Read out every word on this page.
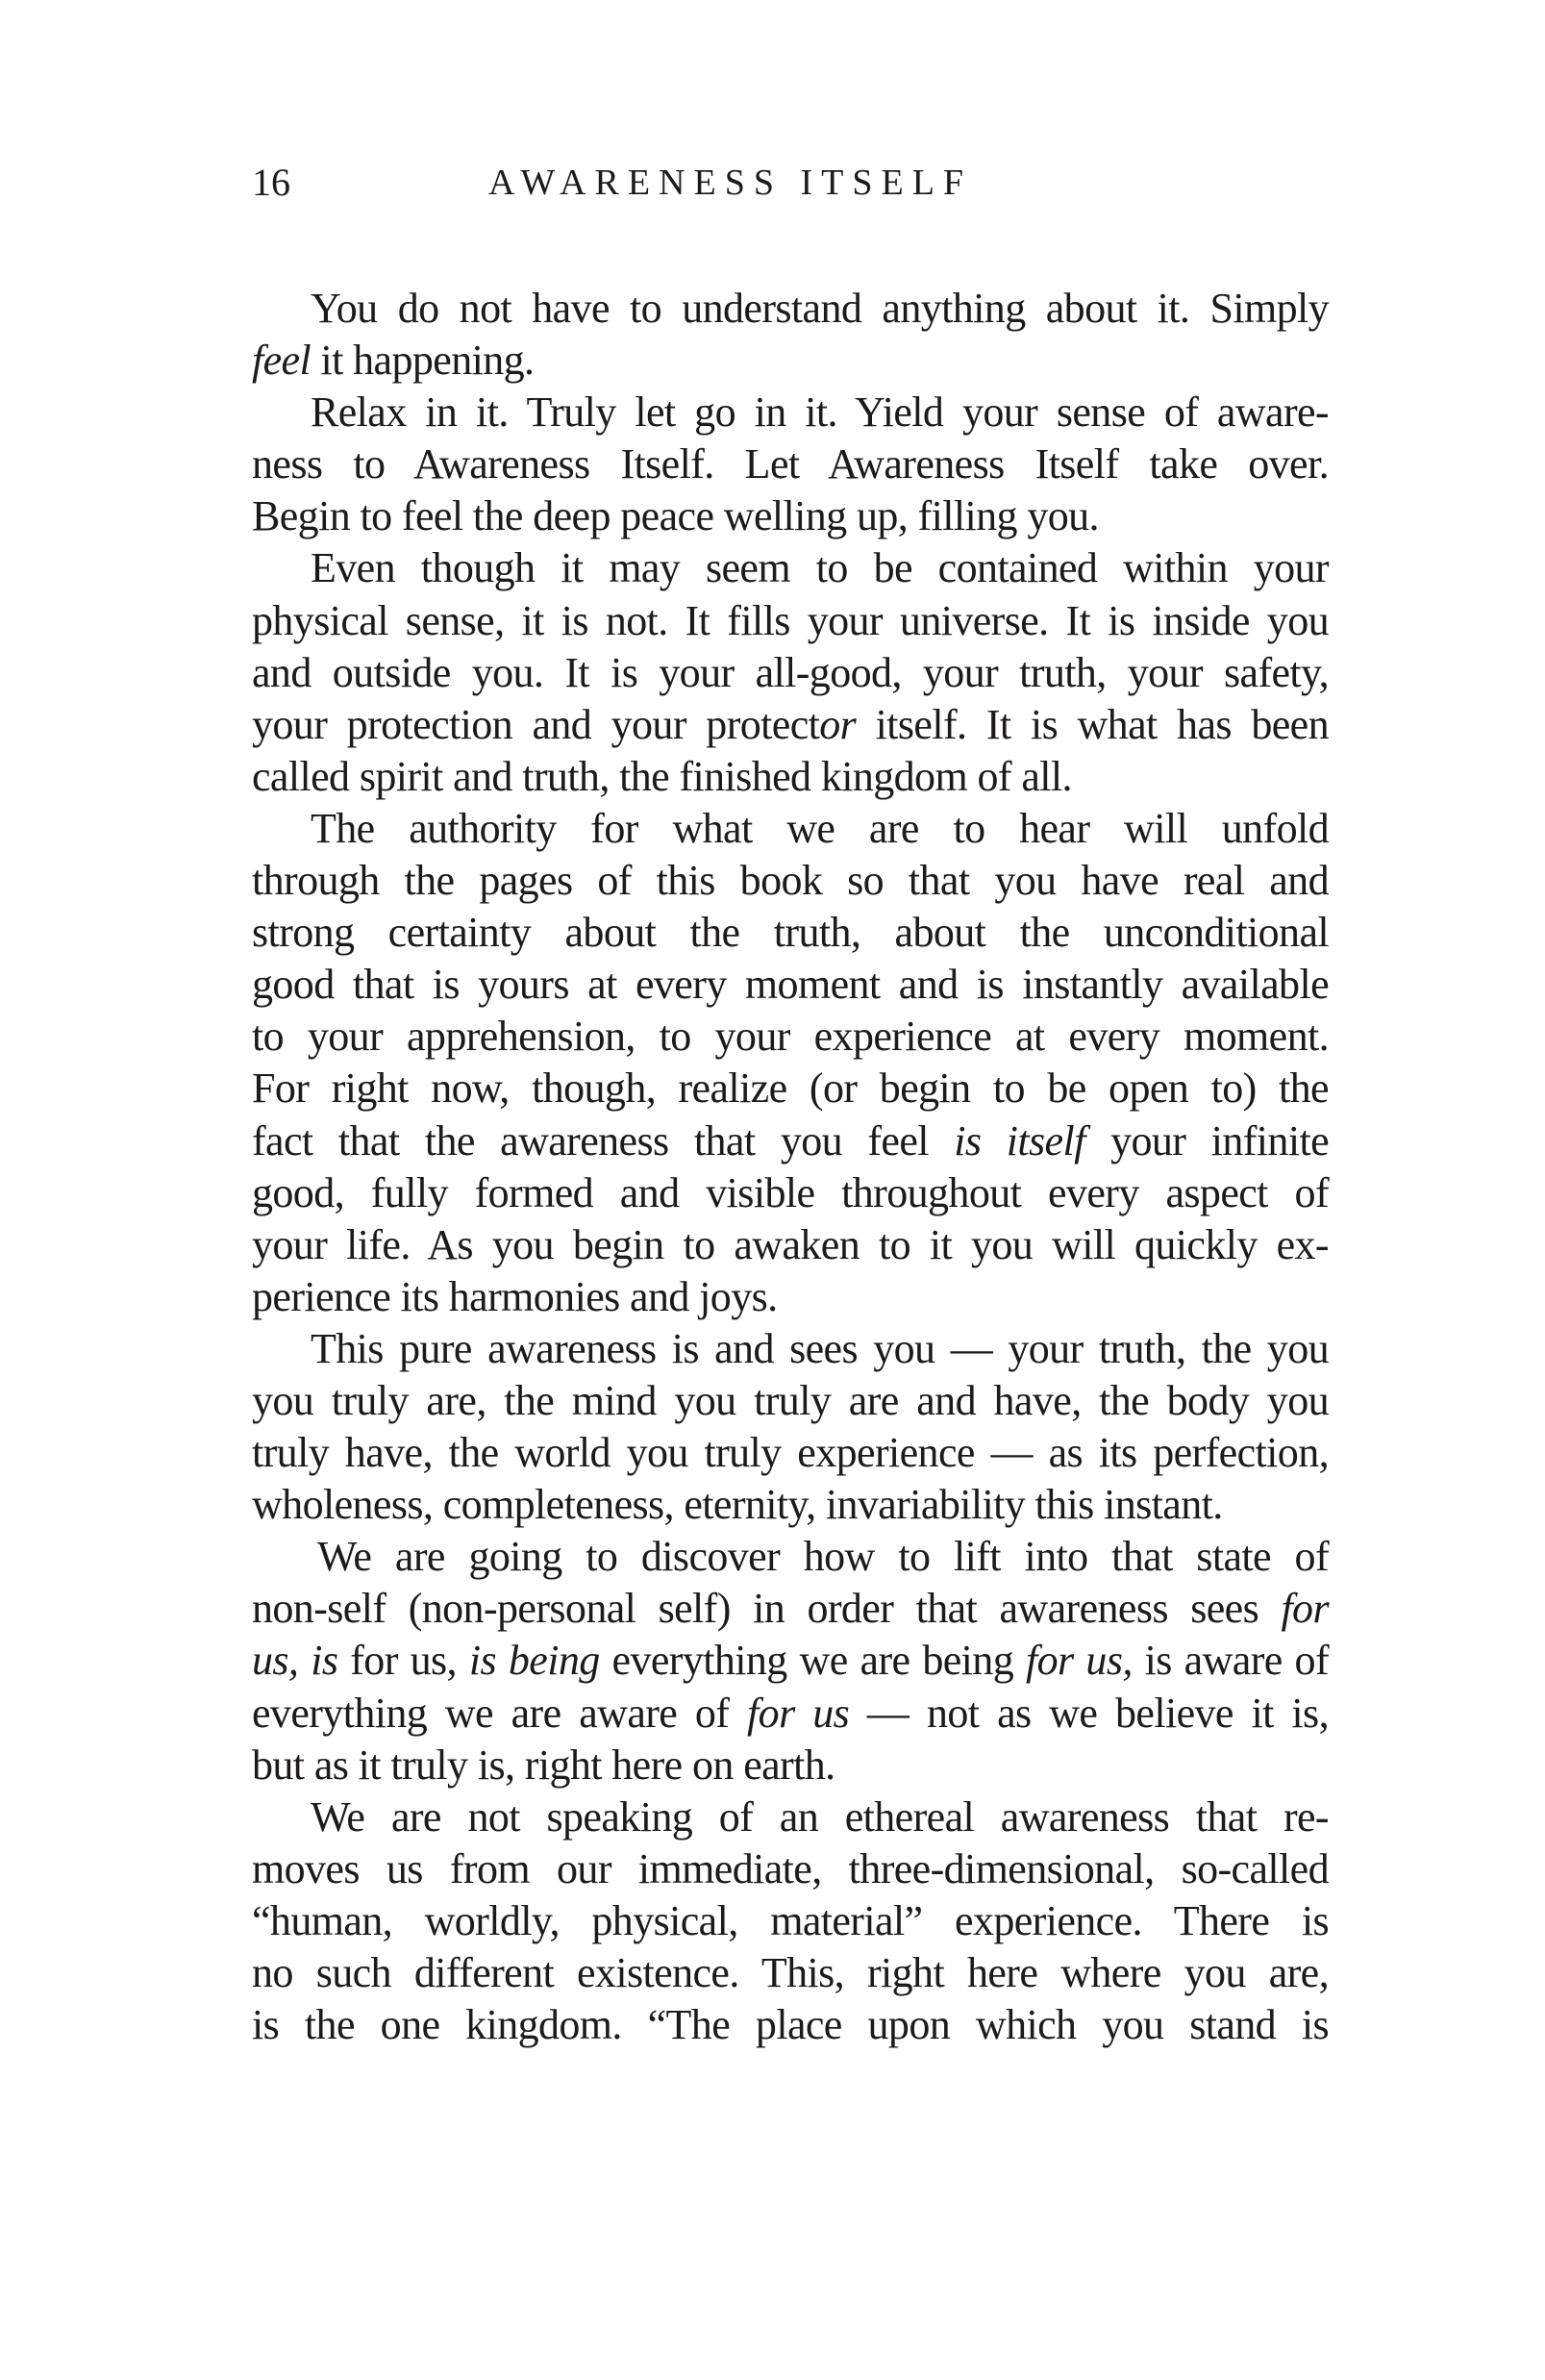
16	AWARENESS ITSELF
You do not have to understand anything about it. Simply
feel it happening.
Relax in it. Truly let go in it. Yield your sense of aware-
ness to Awareness Itself. Let Awareness Itself take over.
Begin to feel the deep peace welling up, filling you.
Even though it may seem to be contained within your
physical sense, it is not. It fills your universe. It is inside you
and outside you. It is your all-good, your truth, your safety,
your protection and your protector itself. It is what has been
called spirit and truth, the finished kingdom of all.
The authority for what we are to hear will unfold
through the pages of this book so that you have real and
strong certainty about the truth, about the unconditional
good that is yours at every moment and is instantly available
to your apprehension, to your experience at every moment.
For right now, though, realize (or begin to be open to) the
fact that the awareness that you feel is itself your infinite
good, fully formed and visible throughout every aspect of
your life. As you begin to awaken to it you will quickly ex-
perience its harmonies and joys.
This pure awareness is and sees you — your truth, the you
you truly are, the mind you truly are and have, the body you
truly have, the world you truly experience — as its perfection,
wholeness, completeness, eternity, invariability this instant.
We are going to discover how to lift into that state of
non-self (non-personal self) in order that awareness sees for
us, is for us, is being everything we are being for us, is aware of
everything we are aware of for us — not as we believe it is,
but as it truly is, right here on earth.
We are not speaking of an ethereal awareness that re-
moves us from our immediate, three-dimensional, so-called
“human, worldly, physical, material” experience. There is
no such different existence. This, right here where you are,
is the one kingdom. “The place upon which you stand is
